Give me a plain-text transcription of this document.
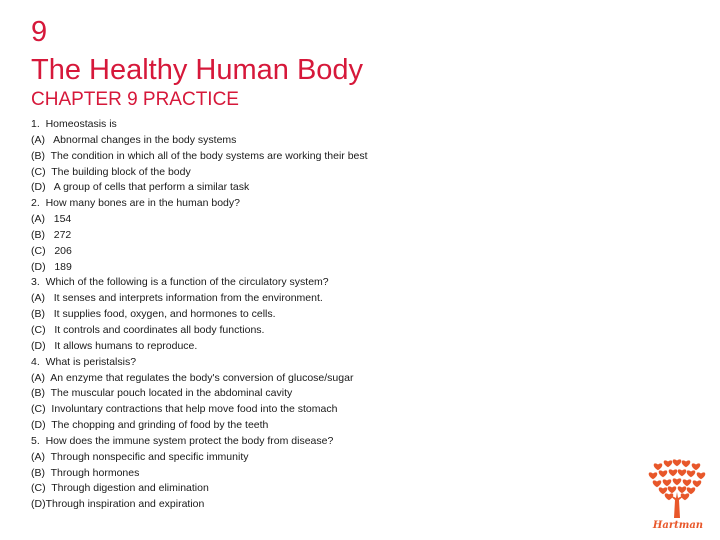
9
The Healthy Human Body
CHAPTER 9 PRACTICE
1.  Homeostasis is
(A)   Abnormal changes in the body systems
(B)  The condition in which all of the body systems are working their best
(C)  The building block of the body
(D)   A group of cells that perform a similar task
2.  How many bones are in the human body?
(A)   154
(B)   272
(C)   206
(D)   189
3.  Which of the following is a function of the circulatory system?
(A)   It senses and interprets information from the environment.
(B)   It supplies food, oxygen, and hormones to cells.
(C)   It controls and coordinates all body functions.
(D)   It allows humans to reproduce.
4.  What is peristalsis?
(A)  An enzyme that regulates the body's conversion of glucose/sugar
(B)  The muscular pouch located in the abdominal cavity
(C)  Involuntary contractions that help move food into the stomach
(D)  The chopping and grinding of food by the teeth
5.  How does the immune system protect the body from disease?
(A)  Through nonspecific and specific immunity
(B)  Through hormones
(C)  Through digestion and elimination
(D)Through inspiration and expiration
Hartman
